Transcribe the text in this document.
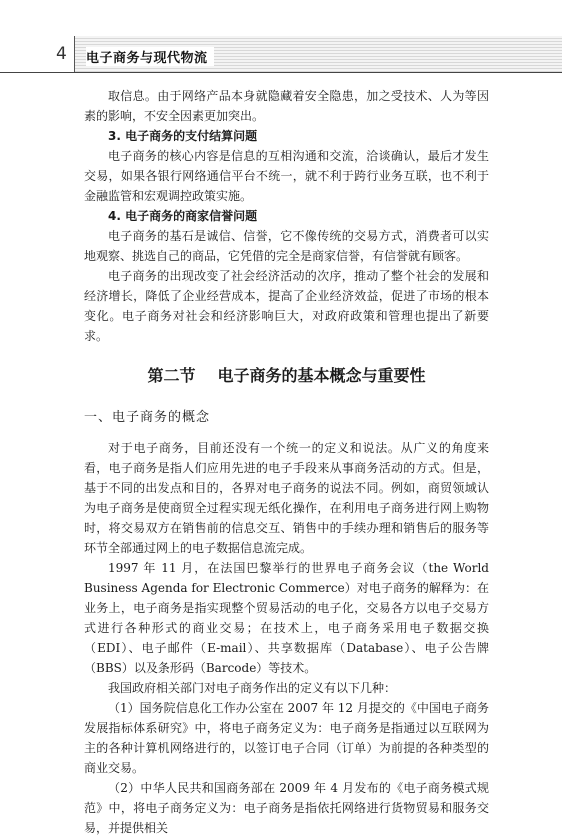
4 电子商务与现代物流

取信息。由于网络产品本身就隐藏着安全隐患，加之受技术、人为等因素的影响，不安全因素更加突出。

3. 电子商务的支付结算问题

电子商务的核心内容是信息的互相沟通和交流，洽谈确认，最后才发生交易，如果各银行网络通信平台不统一，就不利于跨行业务互联，也不利于金融监管和宏观调控政策实施。

4. 电子商务的商家信誉问题

电子商务的基石是诚信、信誉，它不像传统的交易方式，消费者可以实地观察、挑选自己的商品，它凭借的完全是商家信誉，有信誉就有顾客。

电子商务的出现改变了社会经济活动的次序，推动了整个社会的发展和经济增长，降低了企业经营成本，提高了企业经济效益，促进了市场的根本变化。电子商务对社会和经济影响巨大，对政府政策和管理也提出了新要求。

第二节 电子商务的基本概念与重要性

一、电子商务的概念

对于电子商务，目前还没有一个统一的定义和说法。从广义的角度来看，电子商务是指人们应用先进的电子手段来从事商务活动的方式。但是，基于不同的出发点和目的，各界对电子商务的说法不同。例如，商贸领域认为电子商务是使商贸全过程实现无纸化操作，在利用电子商务进行网上购物时，将交易双方在销售前的信息交互、销售中的手续办理和销售后的服务等环节全部通过网上的电子数据信息流完成。

1997 年 11 月，在法国巴黎举行的世界电子商务会议（the World Business Agenda for Electronic Commerce）对电子商务的解释为：在业务上，电子商务是指实现整个贸易活动的电子化，交易各方以电子交易方式进行各种形式的商业交易；在技术上，电子商务采用电子数据交换（EDI）、电子邮件（E-mail）、共享数据库（Database）、电子公告牌（BBS）以及条形码（Barcode）等技术。

我国政府相关部门对电子商务作出的定义有以下几种：

（1）国务院信息化工作办公室在 2007 年 12 月提交的《中国电子商务发展指标体系研究》中，将电子商务定义为：电子商务是指通过以互联网为主的各种计算机网络进行的，以签订电子合同（订单）为前提的各种类型的商业交易。

（2）中华人民共和国商务部在 2009 年 4 月发布的《电子商务模式规范》中，将电子商务定义为：电子商务是指依托网络进行货物贸易和服务交易，并提供相关
